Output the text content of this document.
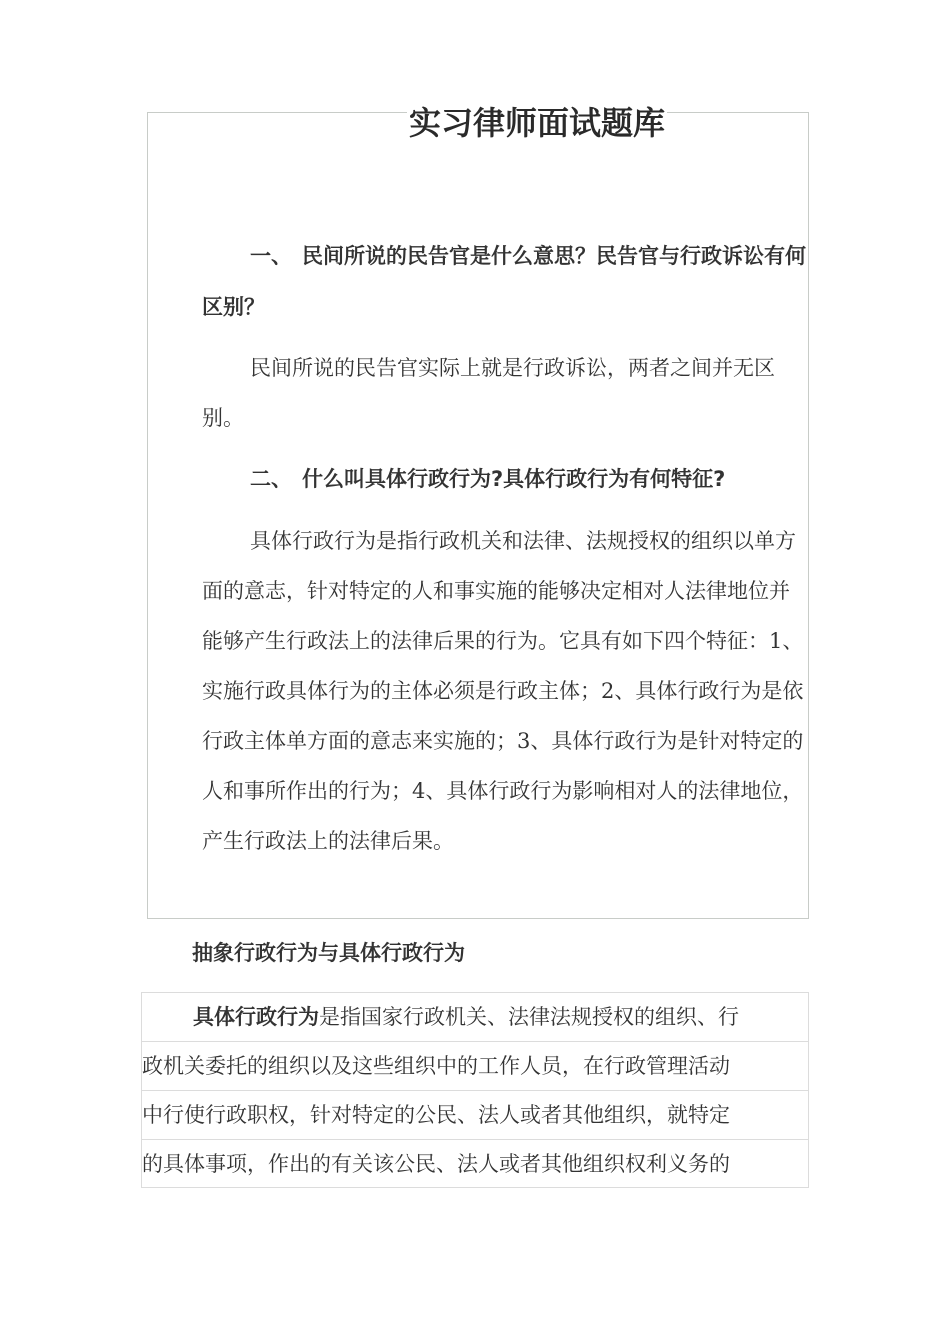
实习律师面试题库

一、 民间所说的民告官是什么意思？民告官与行政诉讼有何区别？

民间所说的民告官实际上就是行政诉讼，两者之间并无区别。

二、 什么叫具体行政行为?具体行政行为有何特征?

具体行政行为是指行政机关和法律、法规授权的组织以单方面的意志，针对特定的人和事实施的能够决定相对人法律地位并能够产生行政法上的法律后果的行为。它具有如下四个特征：1、实施行政具体行为的主体必须是行政主体；2、具体行政行为是依行政主体单方面的意志来实施的；3、具体行政行为是针对特定的人和事所作出的行为；4、具体行政行为影响相对人的法律地位，产生行政法上的法律后果。

抽象行政行为与具体行政行为

具体行政行为是指国家行政机关、法律法规授权的组织、行
政机关委托的组织以及这些组织中的工作人员，在行政管理活动
中行使行政职权，针对特定的公民、法人或者其他组织，就特定
的具体事项，作出的有关该公民、法人或者其他组织权利义务的
